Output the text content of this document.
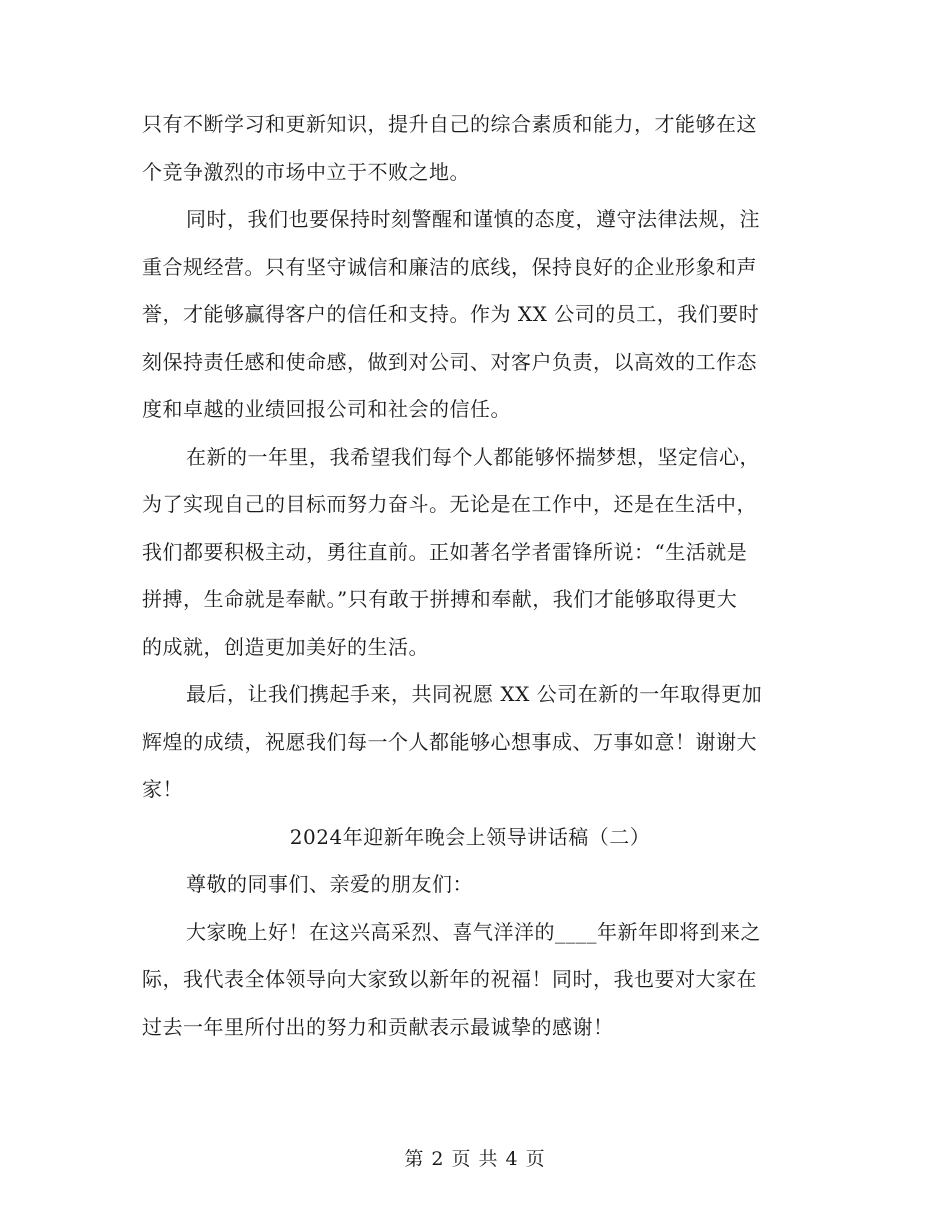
只有不断学习和更新知识，提升自己的综合素质和能力，才能够在这
个竞争激烈的市场中立于不败之地。
同时，我们也要保持时刻警醒和谨慎的态度，遵守法律法规，注
重合规经营。只有坚守诚信和廉洁的底线，保持良好的企业形象和声
誉，才能够赢得客户的信任和支持。作为 XX 公司的员工，我们要时
刻保持责任感和使命感，做到对公司、对客户负责，以高效的工作态
度和卓越的业绩回报公司和社会的信任。
在新的一年里，我希望我们每个人都能够怀揣梦想，坚定信心，
为了实现自己的目标而努力奋斗。无论是在工作中，还是在生活中，
我们都要积极主动，勇往直前。正如著名学者雷锋所说：“生活就是
拼搏，生命就是奉献。”只有敢于拼搏和奉献，我们才能够取得更大
的成就，创造更加美好的生活。
最后，让我们携起手来，共同祝愿 XX 公司在新的一年取得更加
辉煌的成绩，祝愿我们每一个人都能够心想事成、万事如意！谢谢大
家！
2024年迎新年晚会上领导讲话稿（二）
尊敬的同事们、亲爱的朋友们：
大家晚上好！在这兴高采烈、喜气洋洋的____年新年即将到来之
际，我代表全体领导向大家致以新年的祝福！同时，我也要对大家在
过去一年里所付出的努力和贡献表示最诚挚的感谢！
第 2 页 共 4 页
